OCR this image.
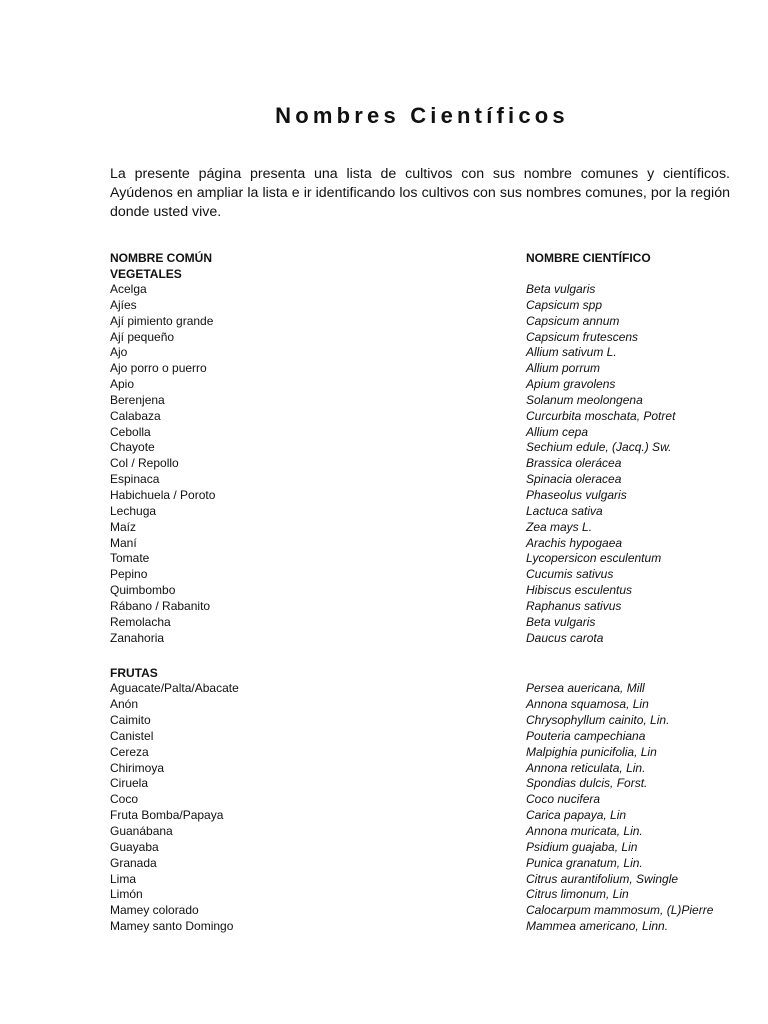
Nombres Científicos

La presente página presenta una lista de cultivos con sus nombre comunes y científicos. Ayúdenos en ampliar la lista e ir identificando los cultivos con sus nombres comunes, por la región donde usted vive.

NOMBRE COMÚN	NOMBRE CIENTÍFICO
VEGETALES
Acelga	Beta vulgaris
Ajíes	Capsicum spp
Ají pimiento grande	Capsicum annum
Ají pequeño	Capsicum frutescens
Ajo	Allium sativum L.
Ajo porro o puerro	Allium porrum
Apio	Apium gravolens
Berenjena	Solanum meolongena
Calabaza	Curcurbita moschata, Potret
Cebolla	Allium cepa
Chayote	Sechium edule, (Jacq.) Sw.
Col / Repollo	Brassica olerácea
Espinaca	Spinacia oleracea
Habichuela / Poroto	Phaseolus vulgaris
Lechuga	Lactuca sativa
Maíz	Zea mays L.
Maní	Arachis hypogaea
Tomate	Lycopersicon esculentum
Pepino	Cucumis sativus
Quimbombo	Hibiscus esculentus
Rábano / Rabanito	Raphanus sativus
Remolacha	Beta vulgaris
Zanahoria	Daucus carota
FRUTAS
Aguacate/Palta/Abacate	Persea auericana, Mill
Anón	Annona squamosa, Lin
Caimito	Chrysophyllum cainito, Lin.
Canistel	Pouteria campechiana
Cereza	Malpighia punicifolia, Lin
Chirimoya	Annona reticulata, Lin.
Ciruela	Spondias dulcis, Forst.
Coco	Coco nucifera
Fruta Bomba/Papaya	Carica papaya, Lin
Guanábana	Annona muricata, Lin.
Guayaba	Psidium guajaba, Lin
Granada	Punica granatum, Lin.
Lima	Citrus aurantifolium, Swingle
Limón	Citrus limonum, Lin
Mamey colorado	Calocarpum mammosum, (L)Pierre
Mamey santo Domingo	Mammea americano, Linn.
